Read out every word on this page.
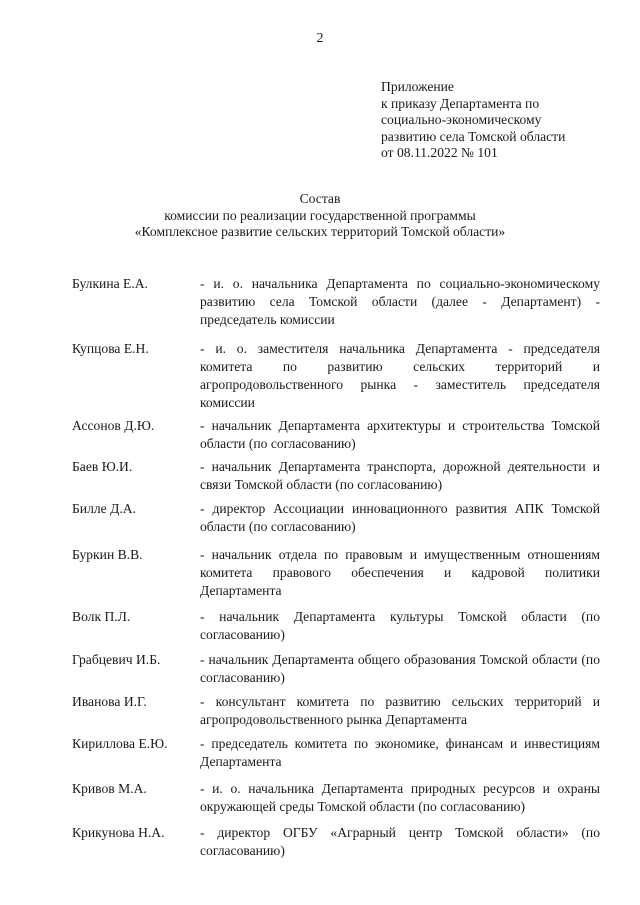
2
Приложение
к приказу Департамента по
социально-экономическому
развитию села Томской области
от 08.11.2022 № 101
Состав
комиссии по реализации государственной программы
«Комплексное развитие сельских территорий Томской области»
Булкина Е.А.	- и. о. начальника Департамента по социально-экономическому развитию села Томской области (далее - Департамент) - председатель комиссии
Купцова Е.Н.	- и. о. заместителя начальника Департамента - председателя комитета по развитию сельских территорий и агропродовольственного рынка - заместитель председателя комиссии
Ассонов Д.Ю.	- начальник Департамента архитектуры и строительства Томской области (по согласованию)
Баев Ю.И.	- начальник Департамента транспорта, дорожной деятельности и связи Томской области (по согласованию)
Билле Д.А.	- директор Ассоциации инновационного развития АПК Томской области (по согласованию)
Буркин В.В.	- начальник отдела по правовым и имущественным отношениям комитета правового обеспечения и кадровой политики Департамента
Волк П.Л.	- начальник Департамента культуры Томской области (по согласованию)
Грабцевич И.Б.	- начальник Департамента общего образования Томской области (по согласованию)
Иванова И.Г.	- консультант комитета по развитию сельских территорий и агропродовольственного рынка Департамента
Кириллова Е.Ю.	- председатель комитета по экономике, финансам и инвестициям Департамента
Кривов М.А.	- и. о. начальника Департамента природных ресурсов и охраны окружающей среды Томской области (по согласованию)
Крикунова Н.А.	- директор ОГБУ «Аграрный центр Томской области» (по согласованию)
